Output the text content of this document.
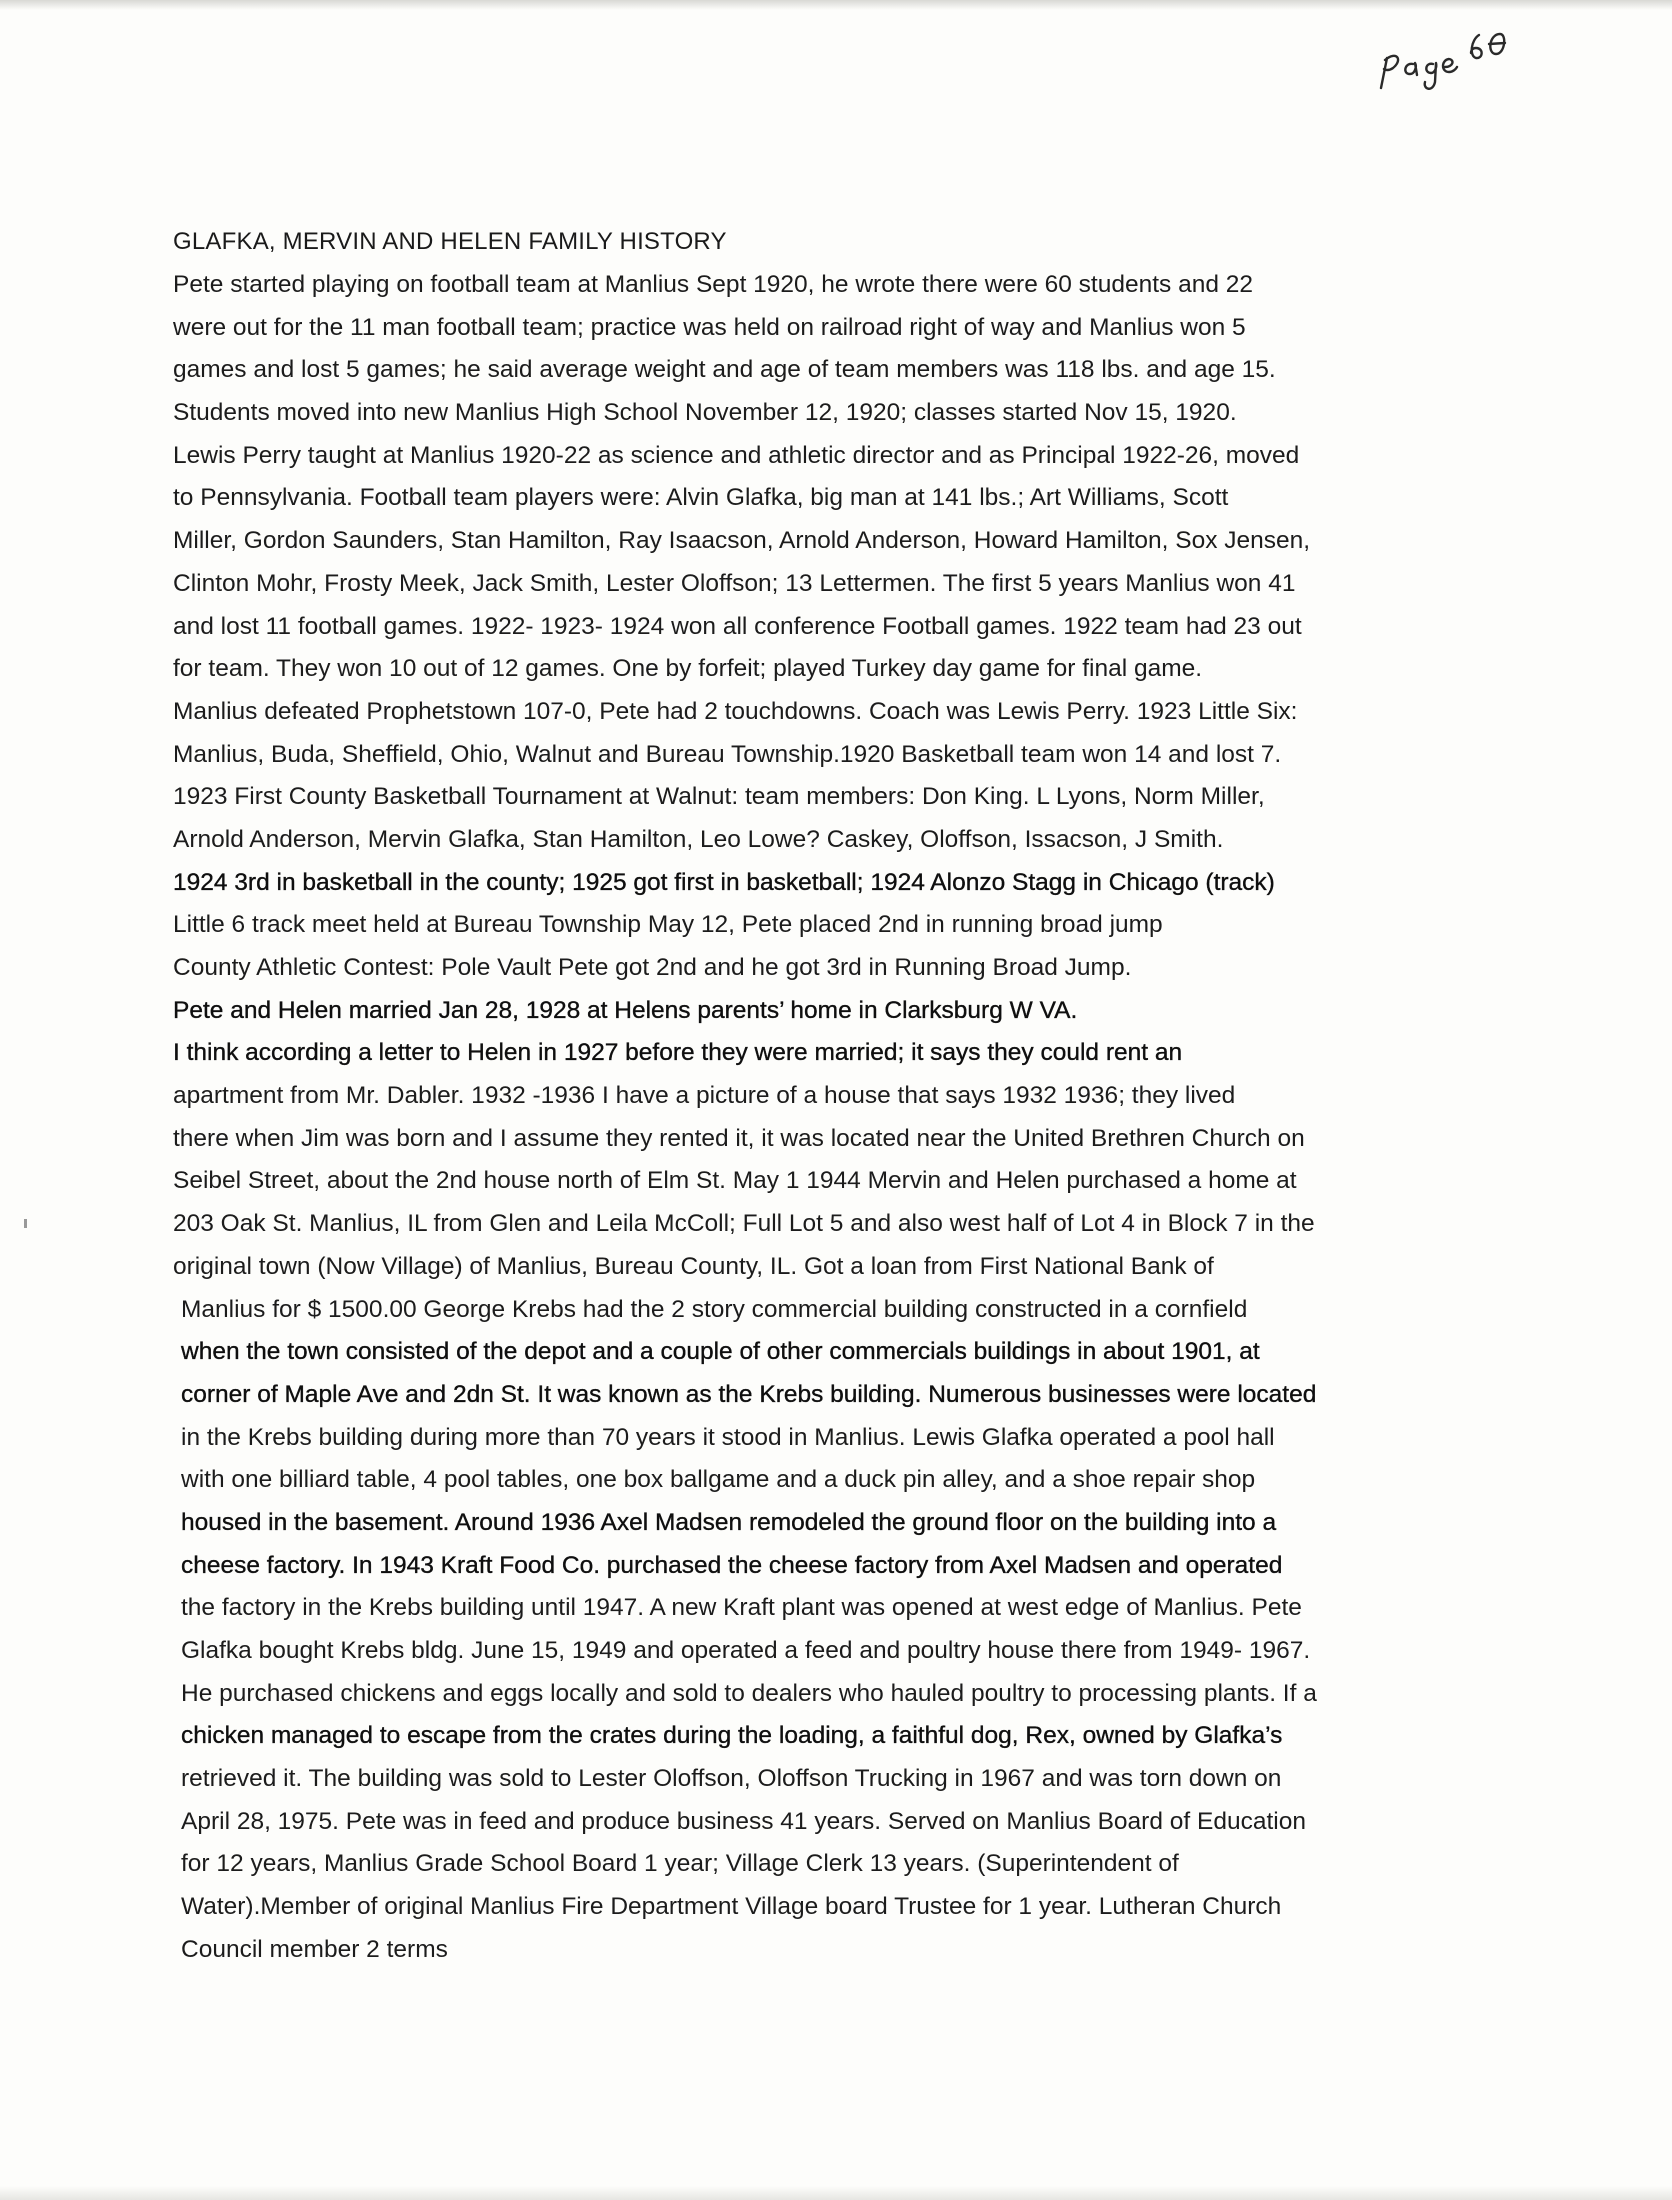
GLAFKA, MERVIN AND HELEN FAMILY HISTORY
Pete started playing on football team at Manlius Sept 1920, he wrote there were 60 students and 22
were out for the 11 man football team; practice was held on railroad right of way and Manlius won 5
games and lost 5 games; he said average weight and age of team members was 118 lbs. and age 15.
Students moved into new Manlius High School November 12, 1920; classes started Nov 15, 1920.
Lewis Perry taught at Manlius 1920-22 as science and athletic director and as Principal 1922-26, moved
to Pennsylvania. Football team players were: Alvin Glafka, big man at 141 lbs.; Art Williams, Scott
Miller, Gordon Saunders, Stan Hamilton, Ray Isaacson, Arnold Anderson, Howard Hamilton, Sox Jensen,
Clinton Mohr, Frosty Meek, Jack Smith, Lester Oloffson; 13 Lettermen. The first 5 years Manlius won 41
and lost 11 football games. 1922- 1923- 1924 won all conference Football games. 1922 team had 23 out
for team. They won 10 out of 12 games. One by forfeit; played Turkey day game for final game.
Manlius defeated Prophetstown 107-0, Pete had 2 touchdowns. Coach was Lewis Perry. 1923 Little Six:
Manlius, Buda, Sheffield, Ohio, Walnut and Bureau Township.1920 Basketball team won 14 and lost 7.
1923 First County Basketball Tournament at Walnut: team members: Don King. L Lyons, Norm Miller,
Arnold Anderson, Mervin Glafka, Stan Hamilton, Leo Lowe? Caskey, Oloffson, Issacson, J Smith.
1924 3rd in basketball in the county; 1925 got first in basketball; 1924 Alonzo Stagg in Chicago (track)
Little 6 track meet held at Bureau Township May 12, Pete placed 2nd in running broad jump
County Athletic Contest: Pole Vault Pete got 2nd and he got 3rd in Running Broad Jump.
Pete and Helen married Jan 28, 1928 at Helens parents’ home in Clarksburg W VA.
I think according a letter to Helen in 1927 before they were married; it says they could rent an
apartment from Mr. Dabler. 1932 -1936 I have a picture of a house that says 1932 1936; they lived
there when Jim was born and I assume they rented it, it was located near the United Brethren Church on
Seibel Street, about the 2nd house north of Elm St. May 1 1944 Mervin and Helen purchased a home at
203 Oak St. Manlius, IL from Glen and Leila McColl; Full Lot 5 and also west half of Lot 4 in Block 7 in the
original town (Now Village) of Manlius, Bureau County, IL. Got a loan from First National Bank of
Manlius for $ 1500.00 George Krebs had the 2 story commercial building constructed in a cornfield
when the town consisted of the depot and a couple of other commercials buildings in about 1901, at
corner of Maple Ave and 2dn St. It was known as the Krebs building. Numerous businesses were located
in the Krebs building during more than 70 years it stood in Manlius. Lewis Glafka operated a pool hall
with one billiard table, 4 pool tables, one box ballgame and a duck pin alley, and a shoe repair shop
housed in the basement. Around 1936 Axel Madsen remodeled the ground floor on the building into a
cheese factory. In 1943 Kraft Food Co. purchased the cheese factory from Axel Madsen and operated
the factory in the Krebs building until 1947. A new Kraft plant was opened at west edge of Manlius. Pete
Glafka bought Krebs bldg. June 15, 1949 and operated a feed and poultry house there from 1949- 1967.
He purchased chickens and eggs locally and sold to dealers who hauled poultry to processing plants. If a
chicken managed to escape from the crates during the loading, a faithful dog, Rex, owned by Glafka’s
retrieved it. The building was sold to Lester Oloffson, Oloffson Trucking in 1967 and was torn down on
April 28, 1975. Pete was in feed and produce business 41 years. Served on Manlius Board of Education
for 12 years, Manlius Grade School Board 1 year; Village Clerk 13 years. (Superintendent of
Water).Member of original Manlius Fire Department Village board Trustee for 1 year. Lutheran Church
Council member 2 terms
